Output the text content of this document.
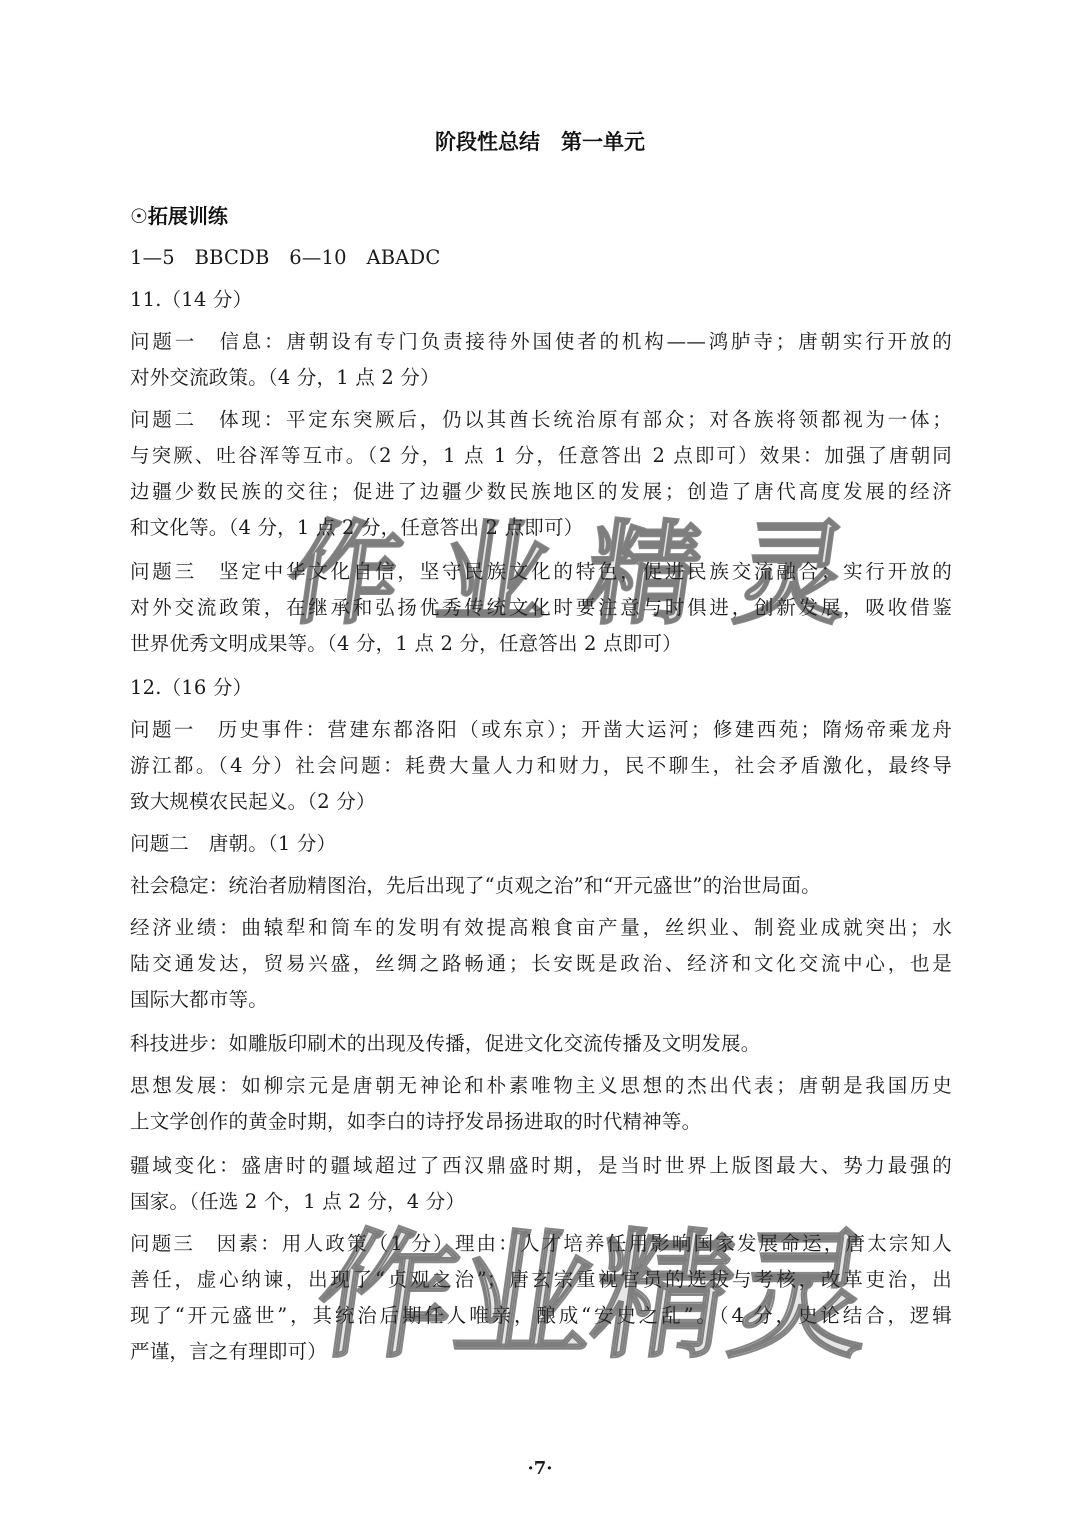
阶段性总结　第一单元
☉拓展训练
1—5　BBCDB　6—10　ABADC
11.（14 分）
问题一　信息：唐朝设有专门负责接待外国使者的机构——鸿胪寺；唐朝实行开放的
对外交流政策。（4 分，1 点 2 分）
问题二　体现：平定东突厥后，仍以其酋长统治原有部众；对各族将领都视为一体；
与突厥、吐谷浑等互市。（2 分，1 点 1 分，任意答出 2 点即可）效果：加强了唐朝同
边疆少数民族的交往；促进了边疆少数民族地区的发展；创造了唐代高度发展的经济
和文化等。（4 分，1 点 2 分，任意答出 2 点即可）
问题三　坚定中华文化自信，坚守民族文化的特色，促进民族交流融合；实行开放的
对外交流政策，在继承和弘扬优秀传统文化时要注意与时俱进，创新发展，吸收借鉴
世界优秀文明成果等。（4 分，1 点 2 分，任意答出 2 点即可）
12.（16 分）
问题一　历史事件：营建东都洛阳（或东京）；开凿大运河；修建西苑；隋炀帝乘龙舟
游江都。（4 分）社会问题：耗费大量人力和财力，民不聊生，社会矛盾激化，最终导
致大规模农民起义。（2 分）
问题二　唐朝。（1 分）
社会稳定：统治者励精图治，先后出现了“贞观之治”和“开元盛世”的治世局面。
经济业绩：曲辕犁和筒车的发明有效提高粮食亩产量，丝织业、制瓷业成就突出；水
陆交通发达，贸易兴盛，丝绸之路畅通；长安既是政治、经济和文化交流中心，也是
国际大都市等。
科技进步：如雕版印刷术的出现及传播，促进文化交流传播及文明发展。
思想发展：如柳宗元是唐朝无神论和朴素唯物主义思想的杰出代表；唐朝是我国历史
上文学创作的黄金时期，如李白的诗抒发昂扬进取的时代精神等。
疆域变化：盛唐时的疆域超过了西汉鼎盛时期，是当时世界上版图最大、势力最强的
国家。（任选 2 个，1 点 2 分，4 分）
问题三　因素：用人政策（1 分）理由：人才培养任用影响国家发展命运，唐太宗知人
善任，虚心纳谏，出现了“贞观之治”；唐玄宗重视官员的选拔与考核，改革吏治，出
现了“开元盛世”，其统治后期任人唯亲，酿成“安史之乱”。（4 分，史论结合，逻辑
严谨，言之有理即可）
作 业 精 灵
作
业
精
灵
·7·
